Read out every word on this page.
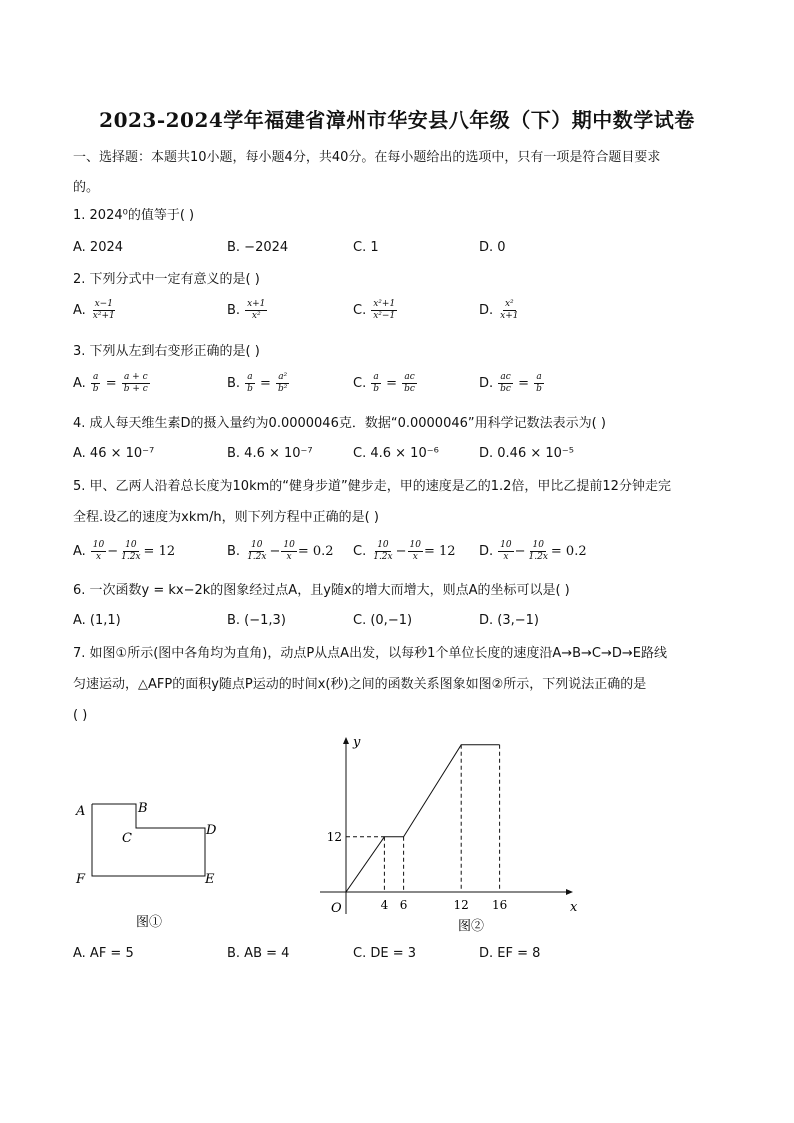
2023-2024学年福建省漳州市华安县八年级（下）期中数学试卷
一、选择题：本题共10小题，每小题4分，共40分。在每小题给出的选项中，只有一项是符合题目要求
的。
1. 2024⁰的值等于( )
A. 2024	B. −2024	C. 1	D. 0
2. 下列分式中一定有意义的是( )
A. $\frac{x-1}{\text{x²+1}}$	B. $\frac{x+1}{\text{x²}}$	C. $\frac{\text{x²+1}}{\text{x²−1}}$	D. $\frac{\text{x²}}{x+1}$
3. 下列从左到右变形正确的是( )
A. $\frac{a}{b} = \frac{a + c}{b + c}$	B. $\frac{a}{b} = \frac{\text{a²}}{\text{b²}}$	C. $\frac{a}{b} = \frac{ac}{bc}$	D. $\frac{ac}{bc} = \frac{a}{b}$
4. 成人每天维生素D的摄入量约为0.0000046克．数据“0.0000046”用科学记数法表示为( )
A. 46 × 10⁻⁷	B. 4.6 × 10⁻⁷	C. 4.6 × 10⁻⁶	D. 0.46 × 10⁻⁵
5. 甲、乙两人沿着总长度为10km的“健身步道”健步走，甲的速度是乙的1.2倍，甲比乙提前12分钟走完
全程.设乙的速度为xkm/h，则下列方程中正确的是( )
A. $\frac{10}{x} - \frac{10}{1.2x} = 12$	B. $\frac{10}{1.2x} - \frac{10}{x} = 0.2$ C. $\frac{10}{1.2x} - \frac{10}{x} = 12$ D. $\frac{10}{x} - \frac{10}{1.2x} = 0.2$
6. 一次函数y = kx−2k的图象经过点A，且y随x的增大而增大，则点A的坐标可以是( )
A. (1,1)	B. (−1,3)	C. (0,−1)	D. (3,−1)
7. 如图①所示(图中各角均为直角)，动点P从点A出发，以每秒1个单位长度的速度沿A→B→C→D→E路线
匀速运动，△AFP的面积y随点P运动的时间x(秒)之间的函数关系图象如图②所示，下列说法正确的是
( )
A	B
C
D
E
F
图①
x
y
O	4 6	12 16
12
图②
A. AF = 5	B. AB = 4	C. DE = 3	D. EF = 8
